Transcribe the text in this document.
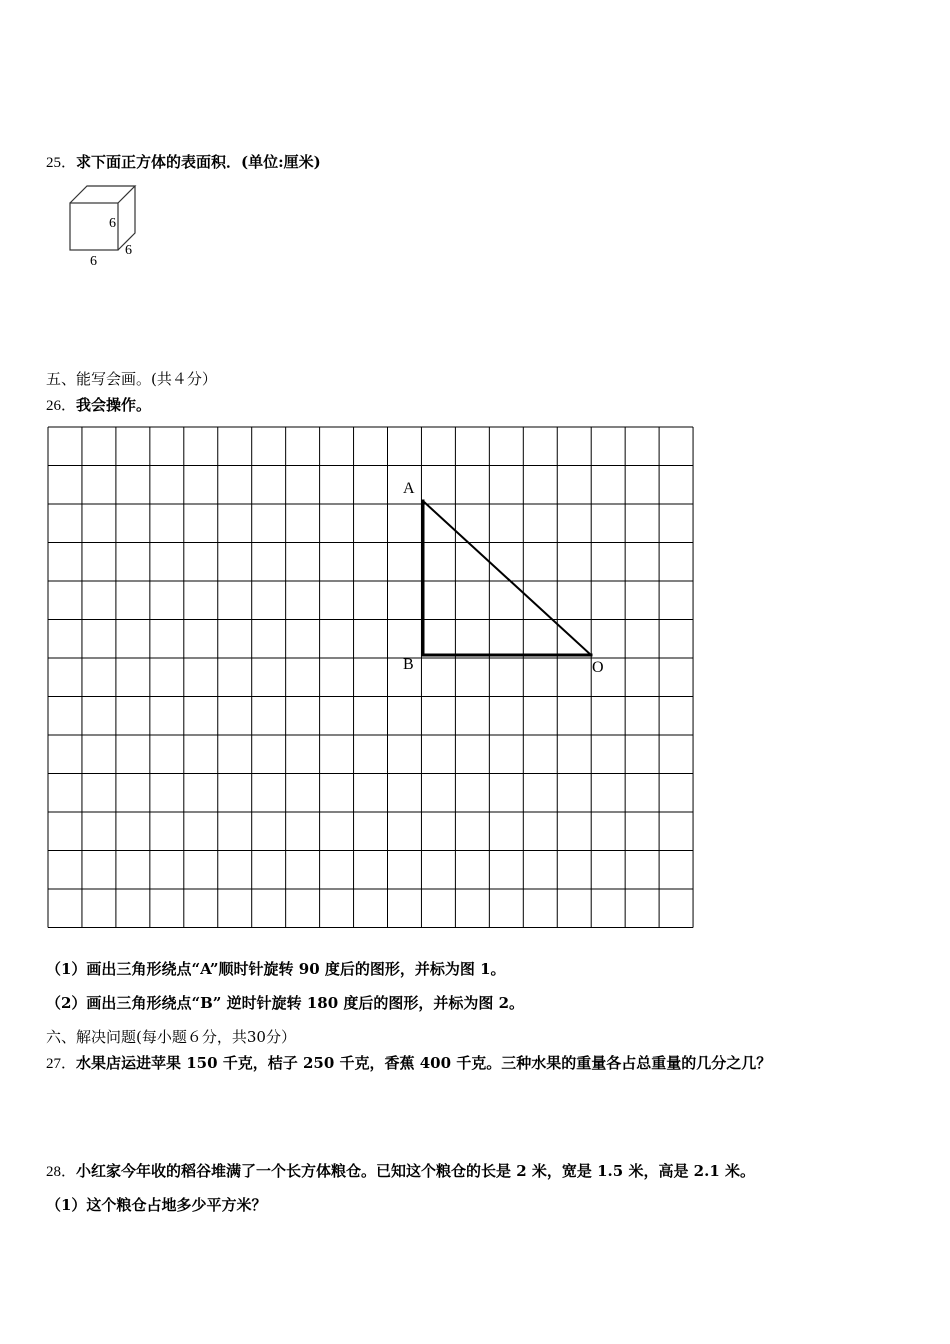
25．求下面正方体的表面积．(单位:厘米)
6
6
6
五、能写会画。(共４分）
26．我会操作。
A
B	O
（1）画出三角形绕点“A”顺时针旋转 90 度后的图形，并标为图 1。
（2）画出三角形绕点“B” 逆时针旋转 180 度后的图形，并标为图 2。
六、解决问题(每小题６分，共30分）
27．水果店运进苹果 150 千克，桔子 250 千克，香蕉 400 千克。三种水果的重量各占总重量的几分之几？
28．小红家今年收的稻谷堆满了一个长方体粮仓。已知这个粮仓的长是 2 米，宽是 1.5 米，高是 2.1 米。
（1）这个粮仓占地多少平方米？
